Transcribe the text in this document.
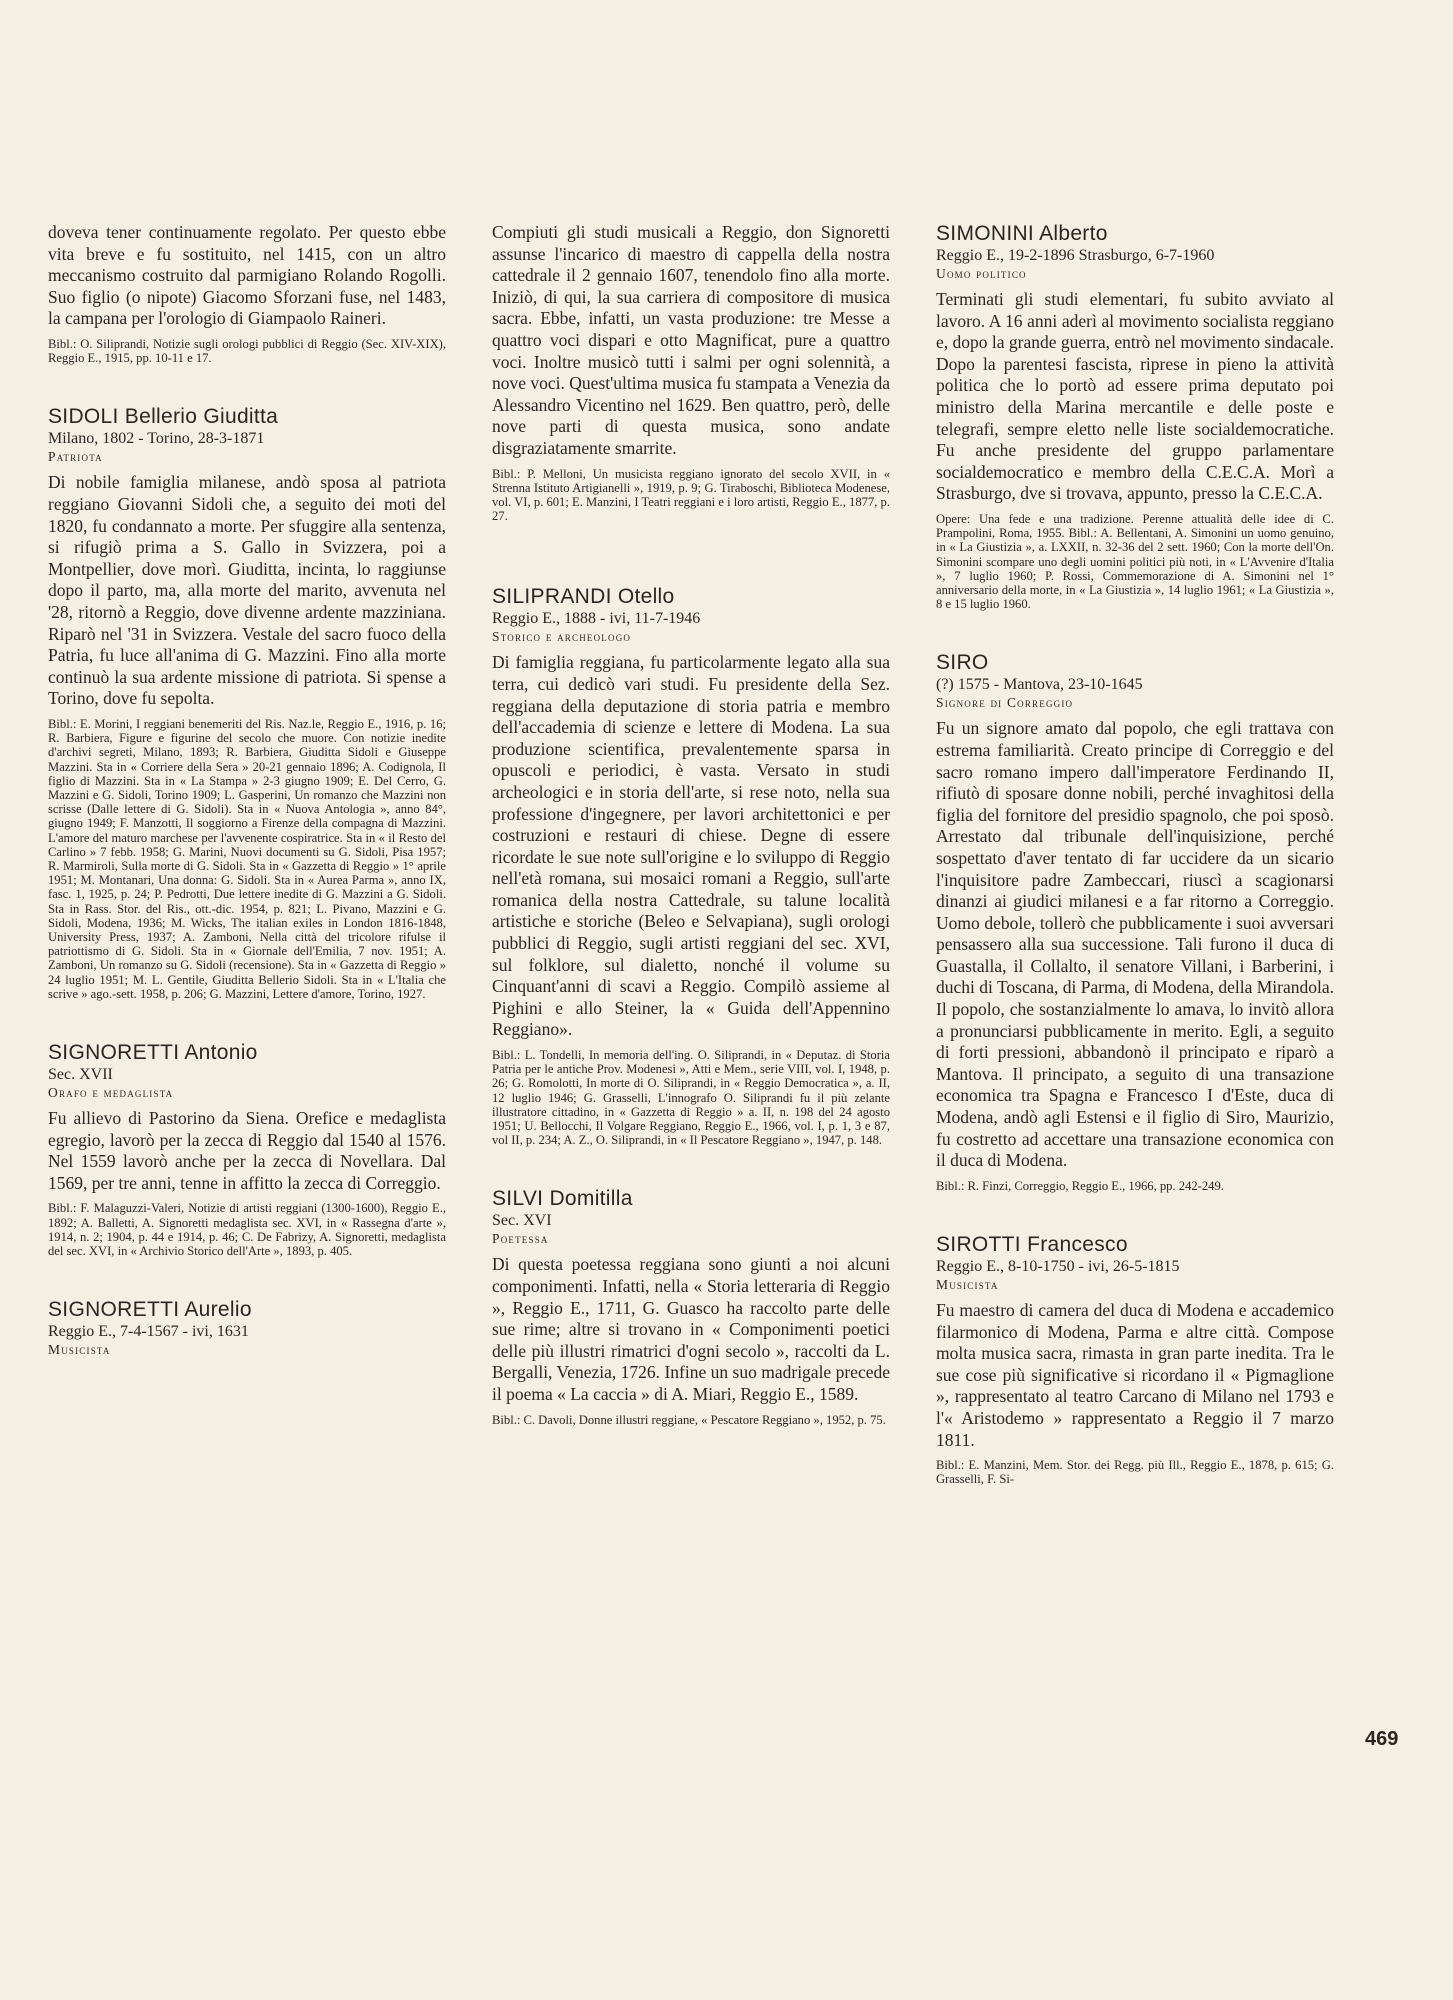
doveva tener continuamente regolato. Per questo ebbe vita breve e fu sostituito, nel 1415, con un altro meccanismo costruito dal parmigiano Rolando Rogolli. Suo figlio (o nipote) Giacomo Sforzani fuse, nel 1483, la campana per l'orologio di Giampaolo Raineri.

Bibl.: O. Siliprandi, Notizie sugli orologi pubblici di Reggio (Sec. XIV-XIX), Reggio E., 1915, pp. 10-11 e 17.

SIDOLI Bellerio Giuditta
Milano, 1802 - Torino, 28-3-1871
Patriota

Di nobile famiglia milanese, andò sposa al patriota reggiano Giovanni Sidoli che, a seguito dei moti del 1820, fu condannato a morte. Per sfuggire alla sentenza, si rifugiò prima a S. Gallo in Svizzera, poi a Montpellier, dove morì. Giuditta, incinta, lo raggiunse dopo il parto, ma, alla morte del marito, avvenuta nel '28, ritornò a Reggio, dove divenne ardente mazziniana. Riparò nel '31 in Svizzera. Vestale del sacro fuoco della Patria, fu luce all'anima di G. Mazzini. Fino alla morte continuò la sua ardente missione di patriota. Si spense a Torino, dove fu sepolta.

Bibl.: E. Morini, I reggiani benemeriti del Ris. Naz.le, Reggio E., 1916, p. 16; R. Barbiera, Figure e figurine del secolo che muore. Con notizie inedite d'archivi segreti, Milano, 1893; R. Barbiera, Giuditta Sidoli e Giuseppe Mazzini. Sta in « Corriere della Sera » 20-21 gennaio 1896; A. Codignola, Il figlio di Mazzini. Sta in « La Stampa » 2-3 giugno 1909; E. Del Cerro, G. Mazzini e G. Sidoli, Torino 1909; L. Gasperini, Un romanzo che Mazzini non scrisse (Dalle lettere di G. Sidoli). Sta in « Nuova Antologia », anno 84°, giugno 1949; F. Manzotti, Il soggiorno a Firenze della compagna di Mazzini. L'amore del maturo marchese per l'avvenente cospiratrice. Sta in « il Resto del Carlino » 7 febb. 1958; G. Marini, Nuovi documenti su G. Sidoli, Pisa 1957; R. Marmiroli, Sulla morte di G. Sidoli. Sta in « Gazzetta di Reggio » 1° aprile 1951; M. Montanari, Una donna: G. Sidoli. Sta in « Aurea Parma », anno IX, fasc. 1, 1925, p. 24; P. Pedrotti, Due lettere inedite di G. Mazzini a G. Sidoli. Sta in Rass. Stor. del Ris., ott.-dic. 1954, p. 821; L. Pivano, Mazzini e G. Sidoli, Modena, 1936; M. Wicks, The italian exiles in London 1816-1848, University Press, 1937; A. Zamboni, Nella città del tricolore rifulse il patriottismo di G. Sidoli. Sta in « Giornale dell'Emilia, 7 nov. 1951; A. Zamboni, Un romanzo su G. Sidoli (recensione). Sta in « Gazzetta di Reggio » 24 luglio 1951; M. L. Gentile, Giuditta Bellerio Sidoli. Sta in « L'Italia che scrive » ago.-sett. 1958, p. 206; G. Mazzini, Lettere d'amore, Torino, 1927.

SIGNORETTI Antonio
Sec. XVII
Orafo e medaglista

Fu allievo di Pastorino da Siena. Orefice e medaglista egregio, lavorò per la zecca di Reggio dal 1540 al 1576. Nel 1559 lavorò anche per la zecca di Novellara. Dal 1569, per tre anni, tenne in affitto la zecca di Correggio.

Bibl.: F. Malaguzzi-Valeri, Notizie di artisti reggiani (1300-1600), Reggio E., 1892; A. Balletti, A. Signoretti medaglista sec. XVI, in « Rassegna d'arte », 1914, n. 2; 1904, p. 44 e 1914, p. 46; C. De Fabrizy, A. Signoretti, medaglista del sec. XVI, in « Archivio Storico dell'Arte », 1893, p. 405.

SIGNORETTI Aurelio
Reggio E., 7-4-1567 - ivi, 1631
Musicista

Compiuti gli studi musicali a Reggio, don Signoretti assunse l'incarico di maestro di cappella della nostra cattedrale il 2 gennaio 1607, tenendolo fino alla morte. Iniziò, di qui, la sua carriera di compositore di musica sacra. Ebbe, infatti, un vasta produzione: tre Messe a quattro voci dispari e otto Magnificat, pure a quattro voci. Inoltre musicò tutti i salmi per ogni solennità, a nove voci. Quest'ultima musica fu stampata a Venezia da Alessandro Vicentino nel 1629. Ben quattro, però, delle nove parti di questa musica, sono andate disgraziatamente smarrite.

Bibl.: P. Melloni, Un musicista reggiano ignorato del secolo XVII, in « Strenna Istituto Artigianelli », 1919, p. 9; G. Tiraboschi, Biblioteca Modenese, vol. VI, p. 601; E. Manzini, I Teatri reggiani e i loro artisti, Reggio E., 1877, p. 27.

SILIPRANDI Otello
Reggio E., 1888 - ivi, 11-7-1946
Storico e archeologo

Di famiglia reggiana, fu particolarmente legato alla sua terra, cui dedicò vari studi. Fu presidente della Sez. reggiana della deputazione di storia patria e membro dell'accademia di scienze e lettere di Modena. La sua produzione scientifica, prevalentemente sparsa in opuscoli e periodici, è vasta. Versato in studi archeologici e in storia dell'arte, si rese noto, nella sua professione d'ingegnere, per lavori architettonici e per costruzioni e restauri di chiese. Degne di essere ricordate le sue note sull'origine e lo sviluppo di Reggio nell'età romana, sui mosaici romani a Reggio, sull'arte romanica della nostra Cattedrale, su talune località artistiche e storiche (Beleo e Selvapiana), sugli orologi pubblici di Reggio, sugli artisti reggiani del sec. XVI, sul folklore, sul dialetto, nonché il volume su Cinquant'anni di scavi a Reggio. Compilò assieme al Pighini e allo Steiner, la « Guida dell'Appennino Reggiano».

Bibl.: L. Tondelli, In memoria dell'ing. O. Siliprandi, in « Deputaz. di Storia Patria per le antiche Prov. Modenesi », Atti e Mem., serie VIII, vol. I, 1948, p. 26; G. Romolotti, In morte di O. Siliprandi, in « Reggio Democratica », a. II, 12 luglio 1946; G. Grasselli, L'innografo O. Siliprandi fu il più zelante illustratore cittadino, in « Gazzetta di Reggio » a. II, n. 198 del 24 agosto 1951; U. Bellocchi, Il Volgare Reggiano, Reggio E., 1966, vol. I, p. 1, 3 e 87, vol II, p. 234; A. Z., O. Siliprandi, in « Il Pescatore Reggiano », 1947, p. 148.

SILVI Domitilla
Sec. XVI
Poetessa

Di questa poetessa reggiana sono giunti a noi alcuni componimenti. Infatti, nella « Storia letteraria di Reggio », Reggio E., 1711, G. Guasco ha raccolto parte delle sue rime; altre si trovano in « Componimenti poetici delle più illustri rimatrici d'ogni secolo », raccolti da L. Bergalli, Venezia, 1726. Infine un suo madrigale precede il poema « La caccia » di A. Miari, Reggio E., 1589.

Bibl.: C. Davoli, Donne illustri reggiane, « Pescatore Reggiano », 1952, p. 75.

SIMONINI Alberto
Reggio E., 19-2-1896 Strasburgo, 6-7-1960
Uomo politico

Terminati gli studi elementari, fu subito avviato al lavoro. A 16 anni aderì al movimento socialista reggiano e, dopo la grande guerra, entrò nel movimento sindacale. Dopo la parentesi fascista, riprese in pieno la attività politica che lo portò ad essere prima deputato poi ministro della Marina mercantile e delle poste e telegrafi, sempre eletto nelle liste socialdemocratiche. Fu anche presidente del gruppo parlamentare socialdemocratico e membro della C.E.C.A. Morì a Strasburgo, dve si trovava, appunto, presso la C.E.C.A.

Opere: Una fede e una tradizione. Perenne attualità delle idee di C. Prampolini, Roma, 1955. Bibl.: A. Bellentani, A. Simonini un uomo genuino, in « La Giustizia », a. LXXII, n. 32-36 del 2 sett. 1960; Con la morte dell'On. Simonini scompare uno degli uomini politici più noti, in « L'Avvenire d'Italia », 7 luglio 1960; P. Rossi, Commemorazione di A. Simonini nel 1° anniversario della morte, in « La Giustizia », 14 luglio 1961; « La Giustizia », 8 e 15 luglio 1960.

SIRO
(?) 1575 - Mantova, 23-10-1645
Signore di Correggio

Fu un signore amato dal popolo, che egli trattava con estrema familiarità. Creato principe di Correggio e del sacro romano impero dall'imperatore Ferdinando II, rifiutò di sposare donne nobili, perché invaghitosi della figlia del fornitore del presidio spagnolo, che poi sposò. Arrestato dal tribunale dell'inquisizione, perché sospettato d'aver tentato di far uccidere da un sicario l'inquisitore padre Zambeccari, riuscì a scagionarsi dinanzi ai giudici milanesi e a far ritorno a Correggio. Uomo debole, tollerò che pubblicamente i suoi avversari pensassero alla sua successione. Tali furono il duca di Guastalla, il Collalto, il senatore Villani, i Barberini, i duchi di Toscana, di Parma, di Modena, della Mirandola. Il popolo, che sostanzialmente lo amava, lo invitò allora a pronunciarsi pubblicamente in merito. Egli, a seguito di forti pressioni, abbandonò il principato e riparò a Mantova. Il principato, a seguito di una transazione economica tra Spagna e Francesco I d'Este, duca di Modena, andò agli Estensi e il figlio di Siro, Maurizio, fu costretto ad accettare una transazione economica con il duca di Modena.

Bibl.: R. Finzi, Correggio, Reggio E., 1966, pp. 242-249.

SIROTTI Francesco
Reggio E., 8-10-1750 - ivi, 26-5-1815
Musicista

Fu maestro di camera del duca di Modena e accademico filarmonico di Modena, Parma e altre città. Compose molta musica sacra, rimasta in gran parte inedita. Tra le sue cose più significative si ricordano il « Pigmaglione », rappresentato al teatro Carcano di Milano nel 1793 e l'« Aristodemo » rappresentato a Reggio il 7 marzo 1811.

Bibl.: E. Manzini, Mem. Stor. dei Regg. più Ill., Reggio E., 1878, p. 615; G. Grasselli, F. Si-

469
